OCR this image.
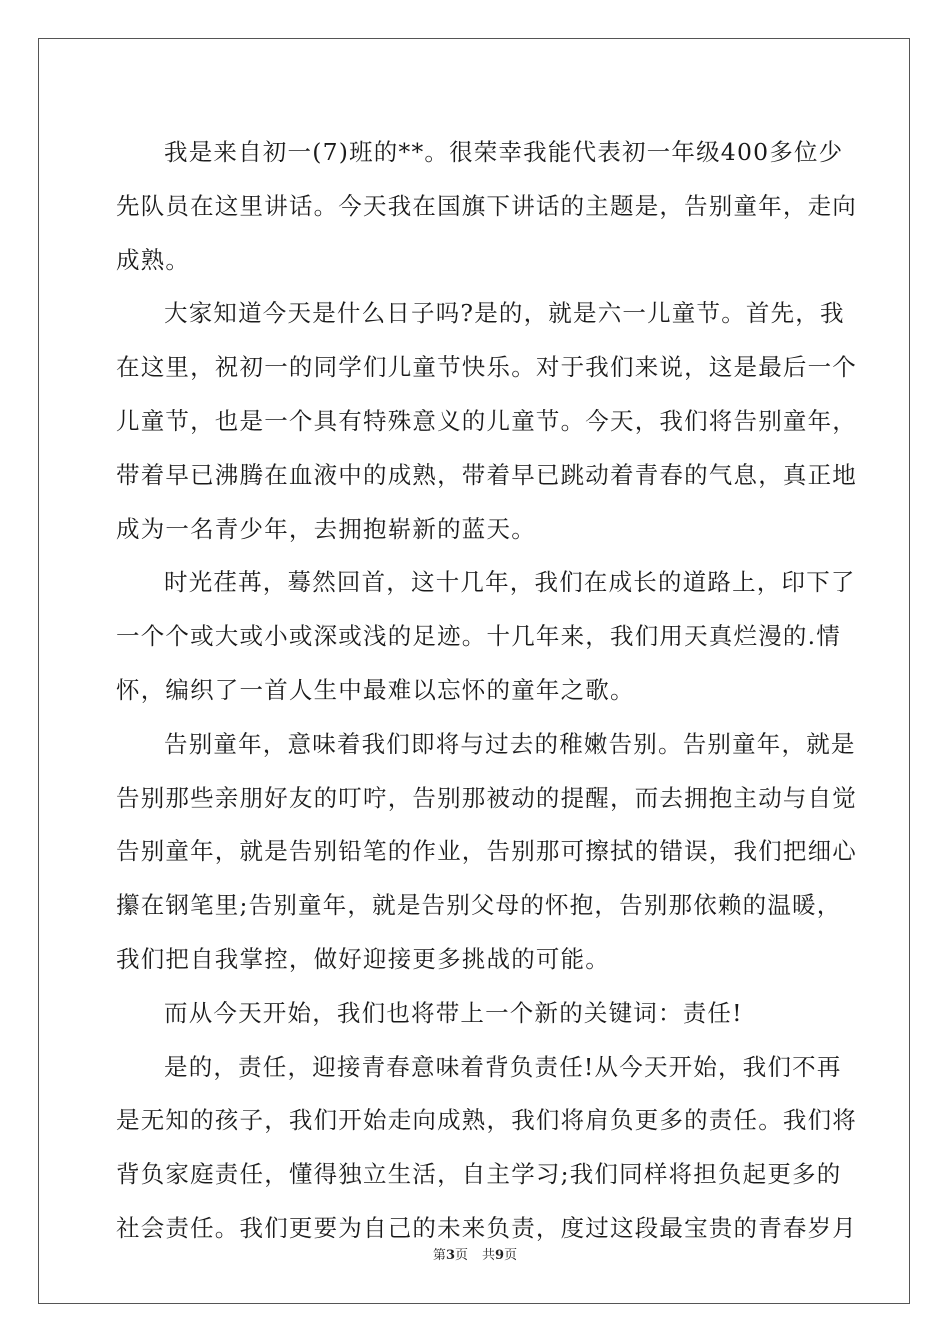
我是来自初一(7)班的**。很荣幸我能代表初一年级400多位少
先队员在这里讲话。今天我在国旗下讲话的主题是，告别童年，走向
成熟。
大家知道今天是什么日子吗?是的，就是六一儿童节。首先，我
在这里，祝初一的同学们儿童节快乐。对于我们来说，这是最后一个
儿童节，也是一个具有特殊意义的儿童节。今天，我们将告别童年，
带着早已沸腾在血液中的成熟，带着早已跳动着青春的气息，真正地
成为一名青少年，去拥抱崭新的蓝天。
时光荏苒，蓦然回首，这十几年，我们在成长的道路上，印下了
一个个或大或小或深或浅的足迹。十几年来，我们用天真烂漫的.情
怀，编织了一首人生中最难以忘怀的童年之歌。
告别童年，意味着我们即将与过去的稚嫩告别。告别童年，就是
告别那些亲朋好友的叮咛，告别那被动的提醒，而去拥抱主动与自觉
告别童年，就是告别铅笔的作业，告别那可擦拭的错误，我们把细心
攥在钢笔里;告别童年，就是告别父母的怀抱，告别那依赖的温暖，
我们把自我掌控，做好迎接更多挑战的可能。
而从今天开始，我们也将带上一个新的关键词：责任!
是的，责任，迎接青春意味着背负责任!从今天开始，我们不再
是无知的孩子，我们开始走向成熟，我们将肩负更多的责任。我们将
背负家庭责任，懂得独立生活，自主学习;我们同样将担负起更多的
社会责任。我们更要为自己的未来负责，度过这段最宝贵的青春岁月
第3页 共9页
